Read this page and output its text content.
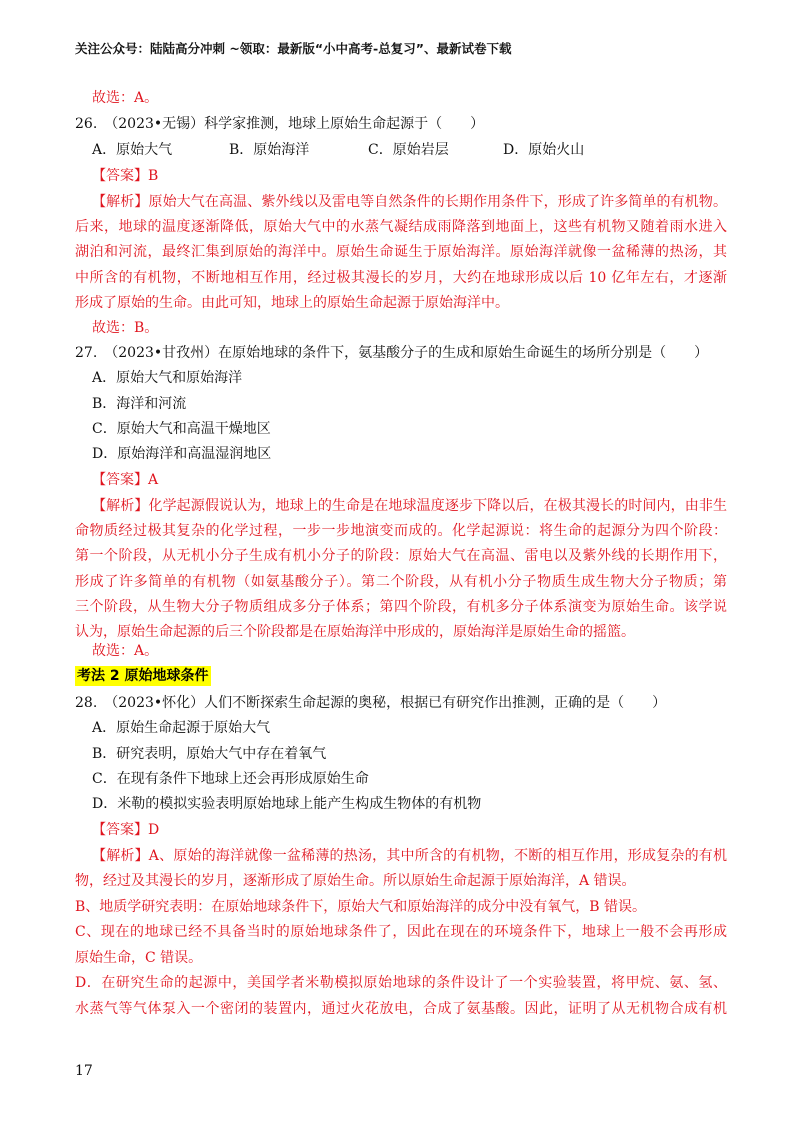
关注公众号：陆陆高分冲刺 ~领取：最新版“小中高考-总复习”、最新试卷下载
故选：A。
26.　（2023•无锡）科学家推测，地球上原始生命起源于（　　）
A．原始大气	B．原始海洋	C．原始岩层	D．原始火山
【答案】B
【解析】原始大气在高温、紫外线以及雷电等自然条件的长期作用条件下，形成了许多简单的有机物。
后来，地球的温度逐渐降低，原始大气中的水蒸气凝结成雨降落到地面上，这些有机物又随着雨水进入
湖泊和河流，最终汇集到原始的海洋中。原始生命诞生于原始海洋。原始海洋就像一盆稀薄的热汤，其
中所含的有机物，不断地相互作用，经过极其漫长的岁月，大约在地球形成以后 10 亿年左右，才逐渐
形成了原始的生命。由此可知，地球上的原始生命起源于原始海洋中。
故选：B。
27.　（2023•甘孜州）在原始地球的条件下，氨基酸分子的生成和原始生命诞生的场所分别是（　　）
A．原始大气和原始海洋
B．海洋和河流
C．原始大气和高温干燥地区
D．原始海洋和高温湿润地区
【答案】A
【解析】化学起源假说认为，地球上的生命是在地球温度逐步下降以后，在极其漫长的时间内，由非生
命物质经过极其复杂的化学过程，一步一步地演变而成的。化学起源说：将生命的起源分为四个阶段：
第一个阶段，从无机小分子生成有机小分子的阶段：原始大气在高温、雷电以及紫外线的长期作用下，
形成了许多简单的有机物（如氨基酸分子）。第二个阶段，从有机小分子物质生成生物大分子物质；第
三个阶段，从生物大分子物质组成多分子体系；第四个阶段，有机多分子体系演变为原始生命。该学说
认为，原始生命起源的后三个阶段都是在原始海洋中形成的，原始海洋是原始生命的摇篮。
故选：A。
考法 2 原始地球条件
28.　（2023•怀化）人们不断探索生命起源的奥秘，根据已有研究作出推测，正确的是（　　）
A．原始生命起源于原始大气
B．研究表明，原始大气中存在着氧气
C．在现有条件下地球上还会再形成原始生命
D．米勒的模拟实验表明原始地球上能产生构成生物体的有机物
【答案】D
【解析】A、原始的海洋就像一盆稀薄的热汤，其中所含的有机物，不断的相互作用，形成复杂的有机
物，经过及其漫长的岁月，逐渐形成了原始生命。所以原始生命起源于原始海洋，A 错误。
B、地质学研究表明：在原始地球条件下，原始大气和原始海洋的成分中没有氧气，B 错误。
C、现在的地球已经不具备当时的原始地球条件了，因此在现在的环境条件下，地球上一般不会再形成
原始生命，C 错误。
D．在研究生命的起源中，美国学者米勒模拟原始地球的条件设计了一个实验装置，将甲烷、氨、氢、
水蒸气等气体泵入一个密闭的装置内，通过火花放电，合成了氨基酸。因此，证明了从无机物合成有机
17
